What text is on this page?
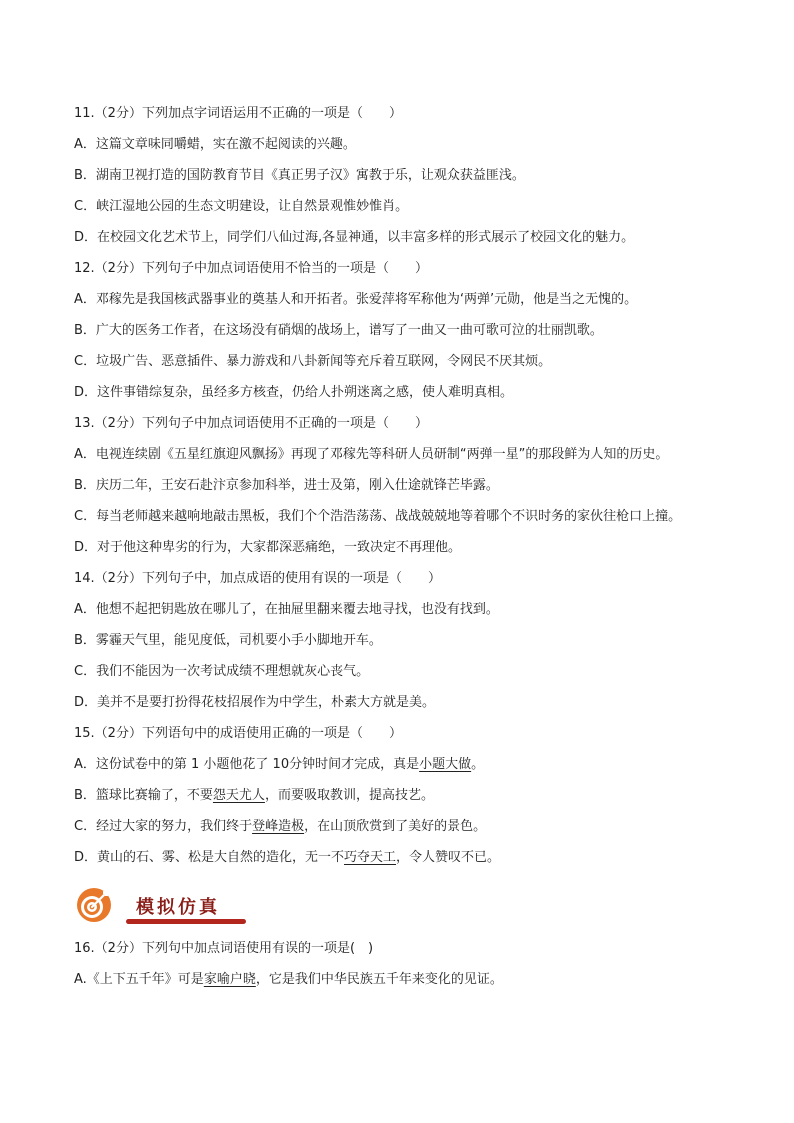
11.（2分）下列加点字词语运用不正确的一项是（　　）
A．这篇文章味同嚼蜡，实在激不起阅读的兴趣。
B．湖南卫视打造的国防教育节目《真正男子汉》寓教于乐，让观众获益匪浅。
C．峡江湿地公园的生态文明建设，让自然景观惟妙惟肖。
D．在校园文化艺术节上，同学们八仙过海,各显神通，以丰富多样的形式展示了校园文化的魅力。
12.（2分）下列句子中加点词语使用不恰当的一项是（　　）
A．邓稼先是我国核武器事业的奠基人和开拓者。张爱萍将军称他为‘两弹’元勋，他是当之无愧的。
B．广大的医务工作者，在这场没有硝烟的战场上，谱写了一曲又一曲可歌可泣的壮丽凯歌。
C．垃圾广告、恶意插件、暴力游戏和八卦新闻等充斥着互联网，令网民不厌其烦。
D．这件事错综复杂，虽经多方核查，仍给人扑朔迷离之感，使人难明真相。
13.（2分）下列句子中加点词语使用不正确的一项是（　　）
A．电视连续剧《五星红旗迎风飘扬》再现了邓稼先等科研人员研制“两弹一星”的那段鲜为人知的历史。
B．庆历二年，王安石赴汴京参加科举，进士及第，刚入仕途就锋芒毕露。
C．每当老师越来越响地敲击黑板，我们个个浩浩荡荡、战战兢兢地等着哪个不识时务的家伙往枪口上撞。
D．对于他这种卑劣的行为，大家都深恶痛绝，一致决定不再理他。
14.（2分）下列句子中，加点成语的使用有误的一项是（　　）
A．他想不起把钥匙放在哪儿了，在抽屉里翻来覆去地寻找，也没有找到。
B．雾霾天气里，能见度低，司机要小手小脚地开车。
C．我们不能因为一次考试成绩不理想就灰心丧气。
D．美并不是要打扮得花枝招展作为中学生，朴素大方就是美。
15.（2分）下列语句中的成语使用正确的一项是（　　）
A．这份试卷中的第 1 小题他花了 10分钟时间才完成，真是小题大做。
B．篮球比赛输了，不要怨天尤人，而要吸取教训，提高技艺。
C．经过大家的努力，我们终于登峰造极，在山顶欣赏到了美好的景色。
D．黄山的石、雾、松是大自然的造化，无一不巧夺天工，令人赞叹不已。
模拟仿真
16.（2分）下列句中加点词语使用有误的一项是(　)
A.《上下五千年》可是家喻户晓，它是我们中华民族五千年来变化的见证。
